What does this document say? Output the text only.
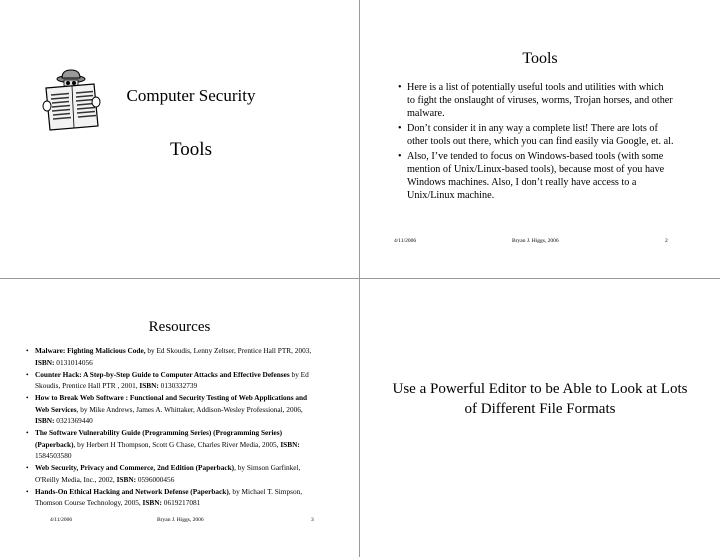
Computer Security
Tools
Tools
• Here is a list of potentially useful tools and utilities with which to fight the onslaught of viruses, worms, Trojan horses, and other malware.
• Don’t consider it in any way a complete list! There are lots of other tools out there, which you can find easily via Google, et. al.
• Also, I’ve tended to focus on Windows-based tools (with some mention of Unix/Linux-based tools), because most of you have Windows machines. Also, I don’t really have access to a Unix/Linux machine.
4/11/2006	Bryan J. Higgs, 2006	2
Resources
• Malware: Fighting Malicious Code, by Ed Skoudis, Lenny Zeltser, Prentice Hall PTR, 2003, ISBN: 0131014056
• Counter Hack: A Step-by-Step Guide to Computer Attacks and Effective Defenses by Ed Skoudis, Prentice Hall PTR , 2001, ISBN: 0130332739
• How to Break Web Software : Functional and Security Testing of Web Applications and Web Services, by Mike Andrews, James A. Whittaker, Addison-Wesley Professional, 2006, ISBN: 0321369440
• The Software Vulnerability Guide (Programming Series) (Programming Series) (Paperback), by Herbert H Thompson, Scott G Chase, Charles River Media, 2005, ISBN: 1584503580
• Web Security, Privacy and Commerce, 2nd Edition (Paperback), by Simson Garfinkel, O'Reilly Media, Inc., 2002, ISBN: 0596000456
• Hands-On Ethical Hacking and Network Defense (Paperback), by Michael T. Simpson, Thomson Course Technology, 2005, ISBN: 0619217081
4/11/2006	Bryan J. Higgs, 2006	3
Use a Powerful Editor to be Able to Look at Lots of Different File Formats
